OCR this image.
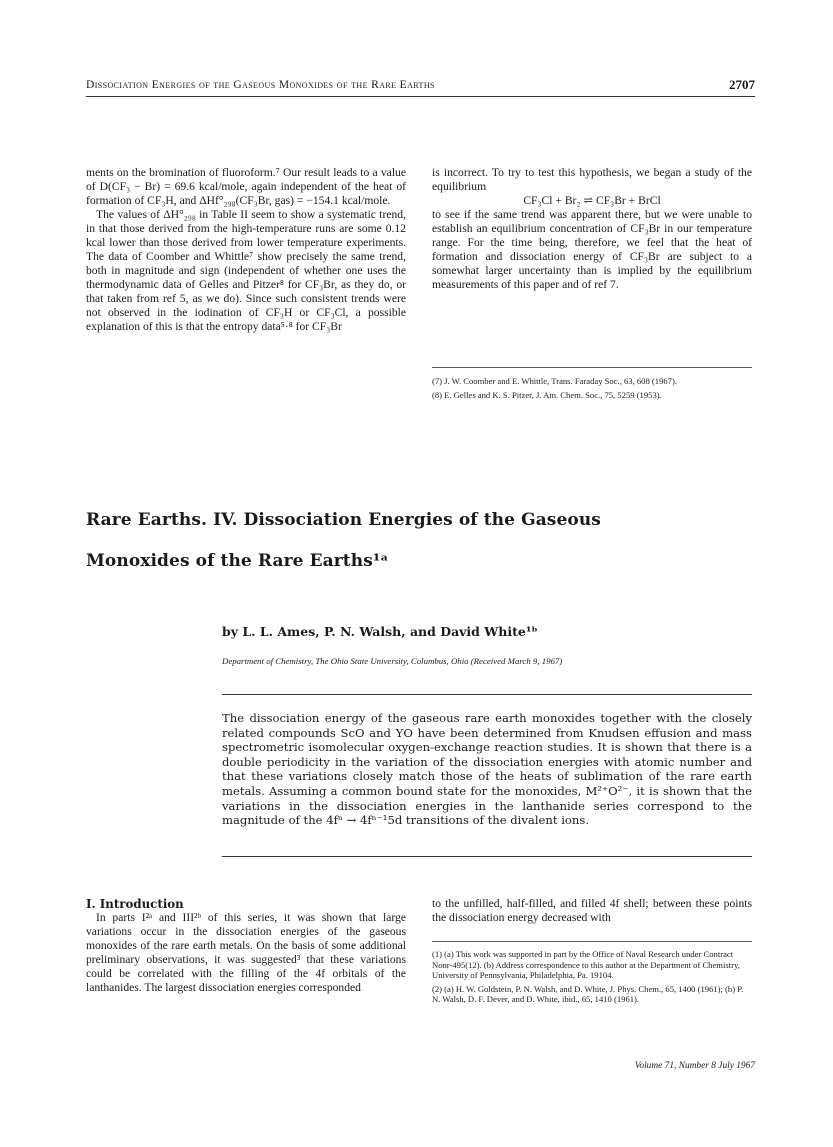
Dissociation Energies of the Gaseous Monoxides of the Rare Earths	2707

ments on the bromination of fluoroform.⁷ Our result leads to a value of D(CF₃ − Br) = 69.6 kcal/mole, again independent of the heat of formation of CF₃H, and ΔHf°₂₉₈(CF₃Br, gas) = −154.1 kcal/mole.

The values of ΔH°₂₉₈ in Table II seem to show a systematic trend, in that those derived from the high-temperature runs are some 0.12 kcal lower than those derived from lower temperature experiments. The data of Coomber and Whittle⁷ show precisely the same trend, both in magnitude and sign (independent of whether one uses the thermodynamic data of Gelles and Pitzer⁸ for CF₃Br, as they do, or that taken from ref 5, as we do). Since such consistent trends were not observed in the iodination of CF₃H or CF₃Cl, a possible explanation of this is that the entropy data⁵·⁸ for CF₃Br

is incorrect. To try to test this hypothesis, we began a study of the equilibrium

CF₃Cl + Br₂ ⇌ CF₃Br + BrCl

to see if the same trend was apparent there, but we were unable to establish an equilibrium concentration of CF₃Br in our temperature range. For the time being, therefore, we feel that the heat of formation and dissociation energy of CF₃Br are subject to a somewhat larger uncertainty than is implied by the equilibrium measurements of this paper and of ref 7.

(7) J. W. Coomber and E. Whittle, Trans. Faraday Soc., 63, 608 (1967).

(8) E. Gelles and K. S. Pitzer, J. Am. Chem. Soc., 75, 5259 (1953).

Rare Earths. IV. Dissociation Energies of the Gaseous
Monoxides of the Rare Earths¹ᵃ
by L. L. Ames, P. N. Walsh, and David White¹ᵇ
Department of Chemistry, The Ohio State University, Columbus, Ohio (Received March 9, 1967)
The dissociation energy of the gaseous rare earth monoxides together with the closely related compounds ScO and YO have been determined from Knudsen effusion and mass spectrometric isomolecular oxygen-exchange reaction studies. It is shown that there is a double periodicity in the variation of the dissociation energies with atomic number and that these variations closely match those of the heats of sublimation of the rare earth metals. Assuming a common bound state for the monoxides, M²⁺O²⁻, it is shown that the variations in the dissociation energies in the lanthanide series correspond to the magnitude of the 4fⁿ → 4fⁿ⁻¹5d transitions of the divalent ions.

I. Introduction

In parts I²ᵃ and III²ᵇ of this series, it was shown that large variations occur in the dissociation energies of the gaseous monoxides of the rare earth metals. On the basis of some additional preliminary observations, it was suggested³ that these variations could be correlated with the filling of the 4f orbitals of the lanthanides. The largest dissociation energies corresponded

to the unfilled, half-filled, and filled 4f shell; between these points the dissociation energy decreased with

(1) (a) This work was supported in part by the Office of Naval Research under Contract Nonr-495(12). (b) Address correspondence to this author at the Department of Chemistry, University of Pennsylvania, Philadelphia, Pa. 19104.

(2) (a) H. W. Goldstein, P. N. Walsh, and D. White, J. Phys. Chem., 65, 1400 (1961); (b) P. N. Walsh, D. F. Dever, and D. White, ibid., 65, 1410 (1961).

Volume 71, Number 8 July 1967
